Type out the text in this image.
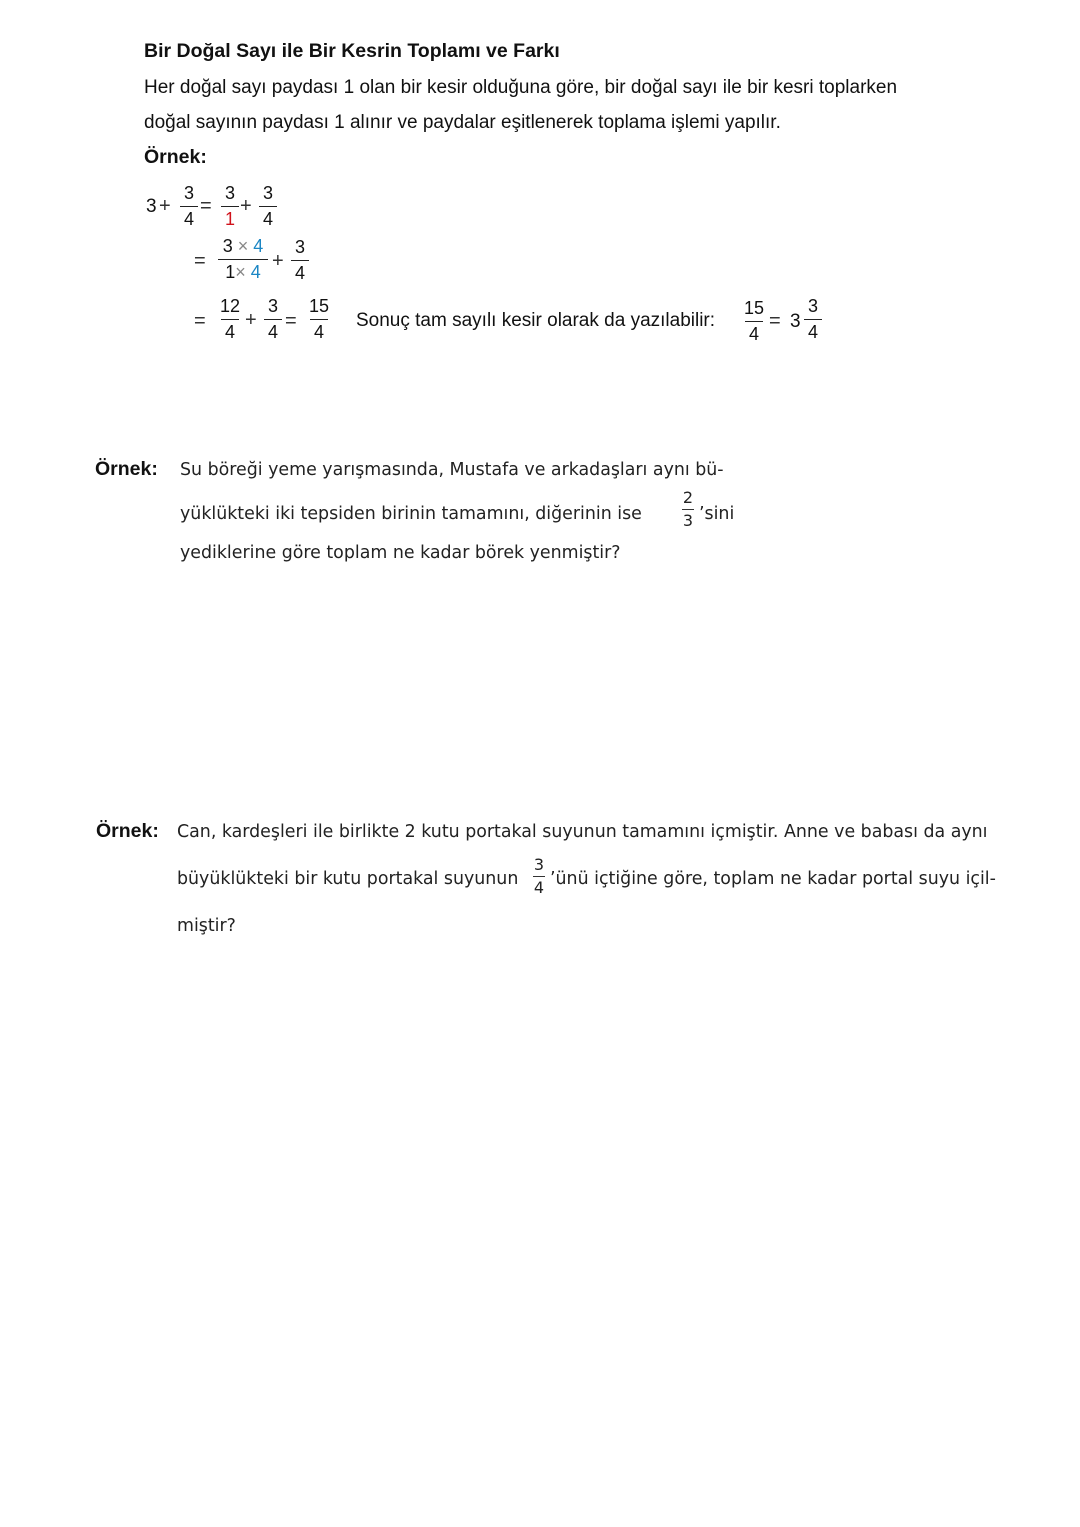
Bir Doğal Sayı ile Bir Kesrin Toplamı ve Farkı
Her doğal sayı paydası 1 olan bir kesir olduğuna göre, bir doğal sayı ile bir kesri toplarken
doğal sayının paydası 1 alınır ve paydalar eşitlenerek toplama işlemi yapılır.
Örnek:
3 +
3
4
=
3
1
+
3
4
=
3 × 4
1× 4 +
3
4
=
12
4
+
3
4 =
15
4
Sonuç tam sayılı kesir olarak da yazılabilir:
15
4
= 3
3
4
Örnek: Su böreği yeme yarışmasında, Mustafa ve arkadaşları aynı bü-
yüklükteki iki tepsiden birinin tamamını, diğerinin ise
2
3 ’sini
yediklerine göre toplam ne kadar börek yenmiştir?
Örnek: Can, kardeşleri ile birlikte 2 kutu portakal suyunun tamamını içmiştir. Anne ve babası da aynı
büyüklükteki bir kutu portakal suyunun
3
4 ’ünü içtiğine göre, toplam ne kadar portal suyu içil-
miştir?
